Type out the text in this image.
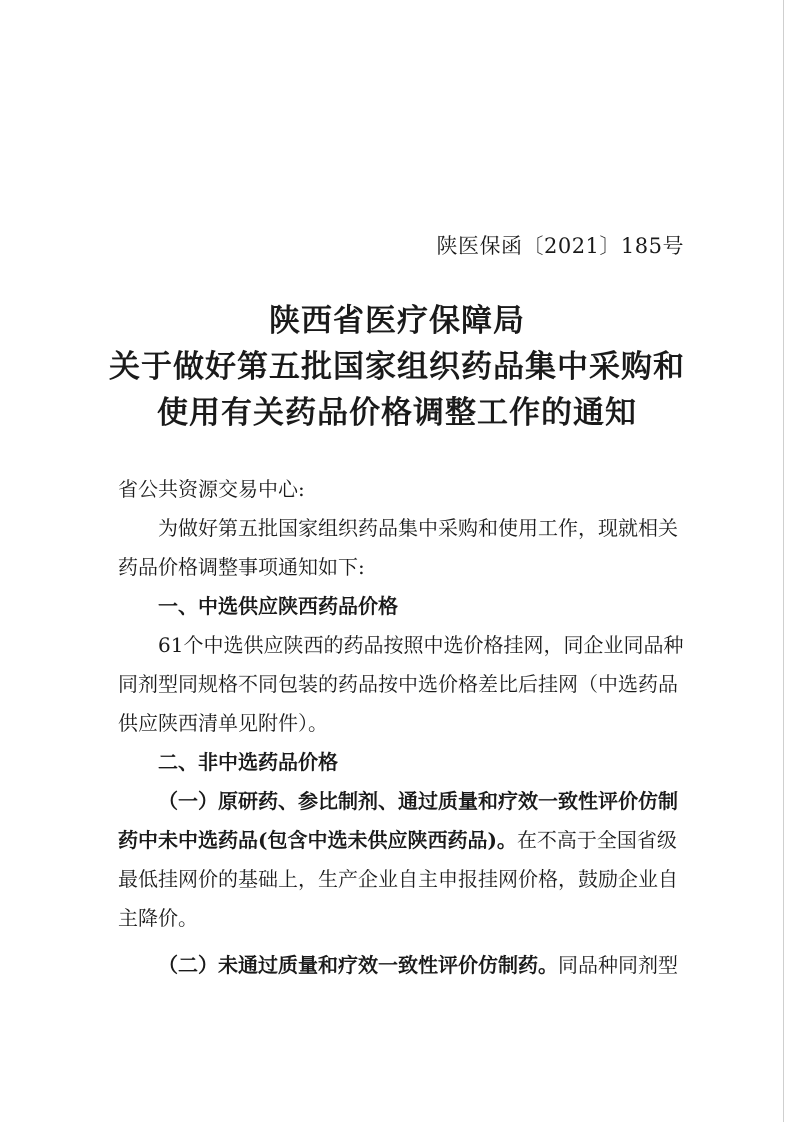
陕医保函〔2021〕185号
陕西省医疗保障局
关于做好第五批国家组织药品集中采购和
使用有关药品价格调整工作的通知
省公共资源交易中心:
为做好第五批国家组织药品集中采购和使用工作，现就相关
药品价格调整事项通知如下:
一、中选供应陕西药品价格
61个中选供应陕西的药品按照中选价格挂网，同企业同品种
同剂型同规格不同包装的药品按中选价格差比后挂网（中选药品
供应陕西清单见附件）。
二、非中选药品价格
（一）原研药、参比制剂、通过质量和疗效一致性评价仿制
药中未中选药品(包含中选未供应陕西药品)。在不高于全国省级
最低挂网价的基础上，生产企业自主申报挂网价格，鼓励企业自
主降价。
（二）未通过质量和疗效一致性评价仿制药。同品种同剂型
